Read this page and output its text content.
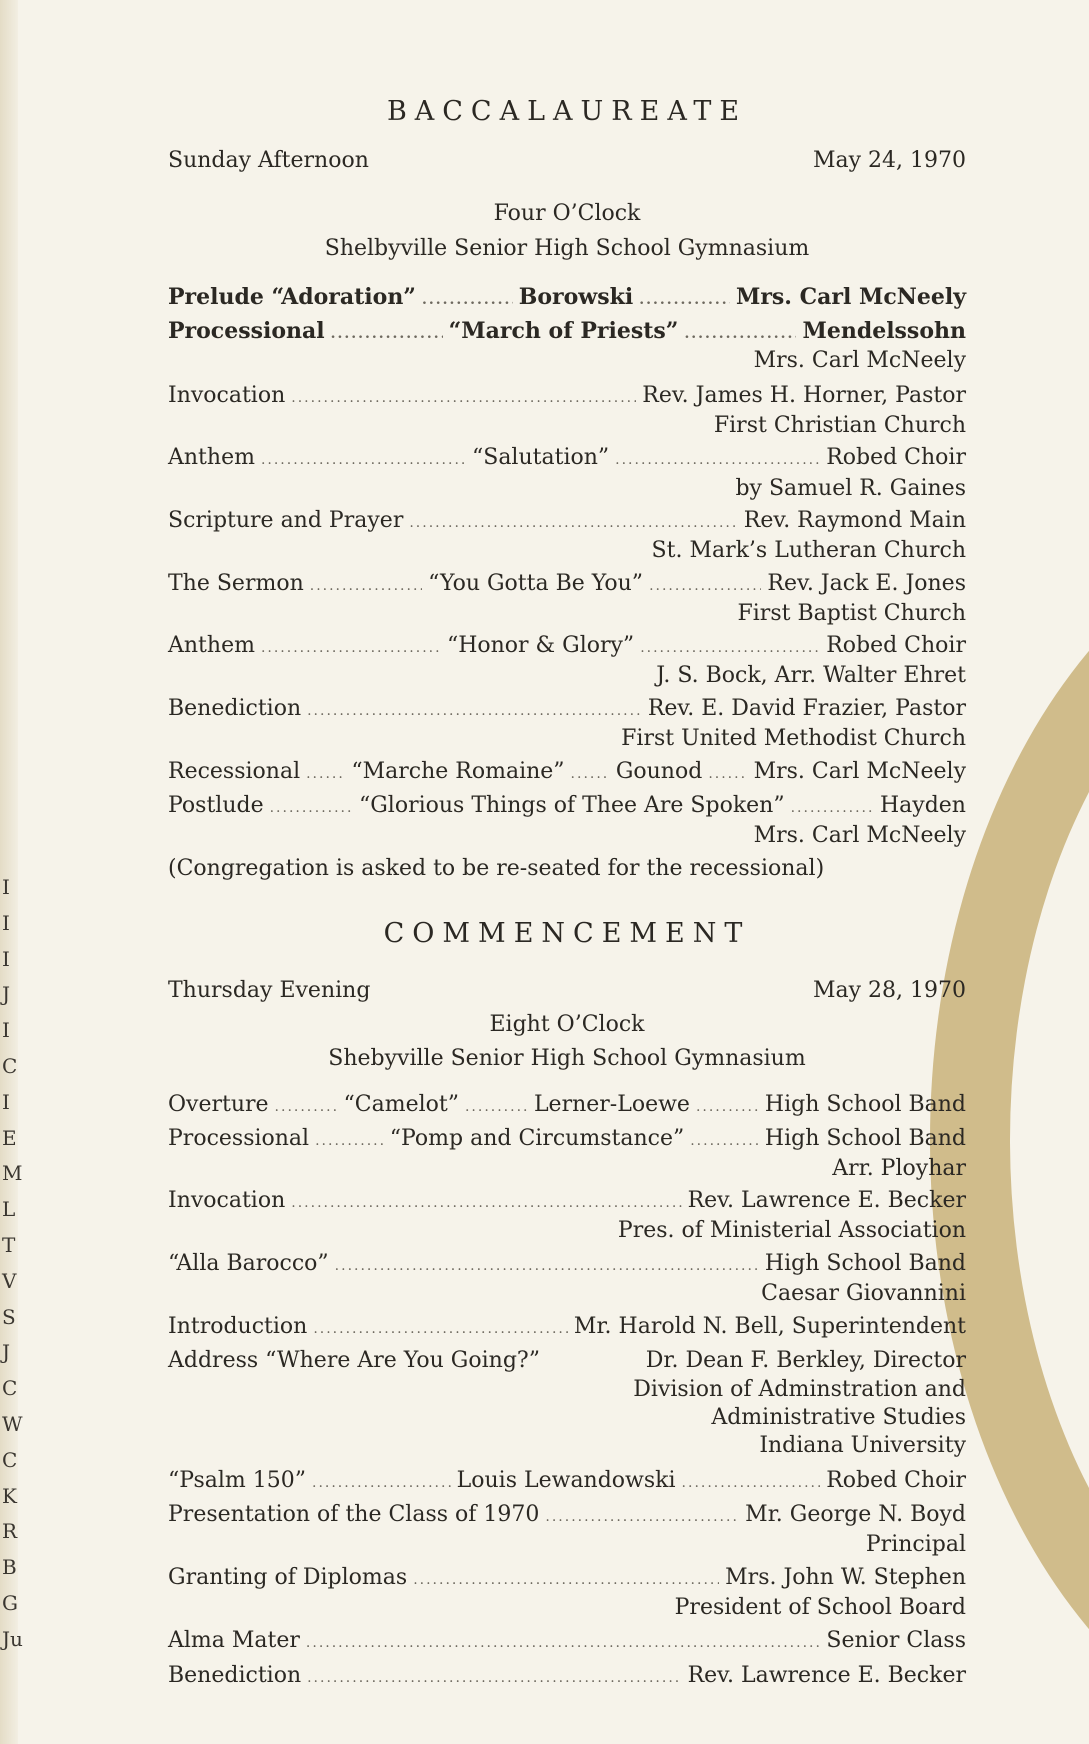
I
I
I
J
I
C
I
E
M
L
T
V
S
J
C
W
C
K
R
B
G
Ju
BACCALAUREATE
Sunday Afternoon	May 24, 1970
Four O’Clock
Shelbyville Senior High School Gymnasium
Prelude “Adoration” .....	Borowski .....	Mrs. Carl McNeely
Processional .....	“March of Priests” .....	Mendelssohn
Mrs. Carl McNeely
Invocation .....	Rev. James H. Horner, Pastor
First Christian Church
Anthem .....	“Salutation” .....	Robed Choir
by Samuel R. Gaines
Scripture and Prayer .....	Rev. Raymond Main
St. Mark’s Lutheran Church
The Sermon .....	“You Gotta Be You” .....	Rev. Jack E. Jones
First Baptist Church
Anthem .....	“Honor & Glory” .....	Robed Choir
J. S. Bock, Arr. Walter Ehret
Benediction .....	Rev. E. David Frazier, Pastor
First United Methodist Church
Recessional ..... “Marche Romaine” ..... Gounod ..... Mrs. Carl McNeely
Postlude .....	“Glorious Things of Thee Are Spoken” .....	Hayden
Mrs. Carl McNeely
(Congregation is asked to be re-seated for the recessional)
COMMENCEMENT
Thursday Evening	May 28, 1970
Eight O’Clock
Shebyville Senior High School Gymnasium
Overture .....	“Camelot” .....	Lerner-Loewe .....	High School Band
Processional .....	“Pomp and Circumstance” .....	High School Band
Arr. Ployhar
Invocation .....	Rev. Lawrence E. Becker
Pres. of Ministerial Association
“Alla Barocco” .....	High School Band
Caesar Giovannini
Introduction .....	Mr. Harold N. Bell, Superintendent
Address “Where Are You Going?”	Dr. Dean F. Berkley, Director
Division of Adminstration and
Administrative Studies
Indiana University
“Psalm 150” .....	Louis Lewandowski .....	Robed Choir
Presentation of the Class of 1970 .....	Mr. George N. Boyd
Principal
Granting of Diplomas .....	Mrs. John W. Stephen
President of School Board
Alma Mater .....	Senior Class
Benediction .....	Rev. Lawrence E. Becker
